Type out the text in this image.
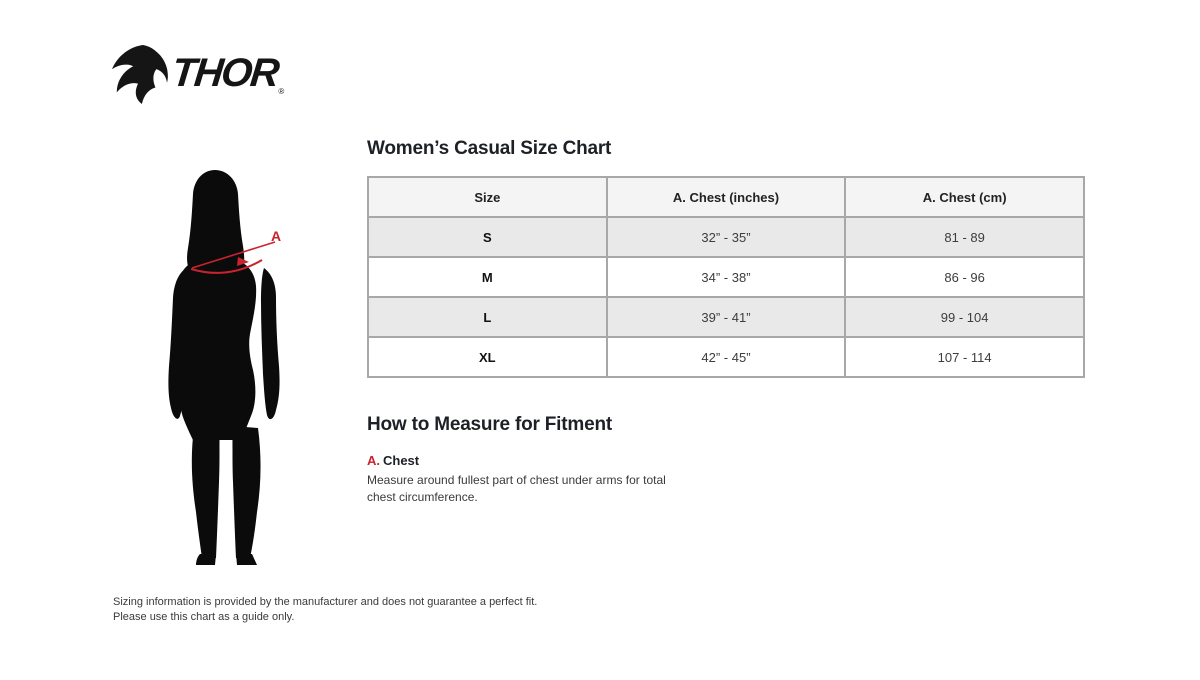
THOR
®
A
Women’s Casual Size Chart
Size	A. Chest (inches)	A. Chest (cm)
S	32” - 35”	81 - 89
M	34” - 38”	86 - 96
L	39” - 41”	99 - 104
XL	42” - 45”	107 - 114
How to Measure for Fitment
A. Chest
Measure around fullest part of chest under arms for total chest circumference.
Sizing information is provided by the manufacturer and does not guarantee a perfect fit.
Please use this chart as a guide only.
